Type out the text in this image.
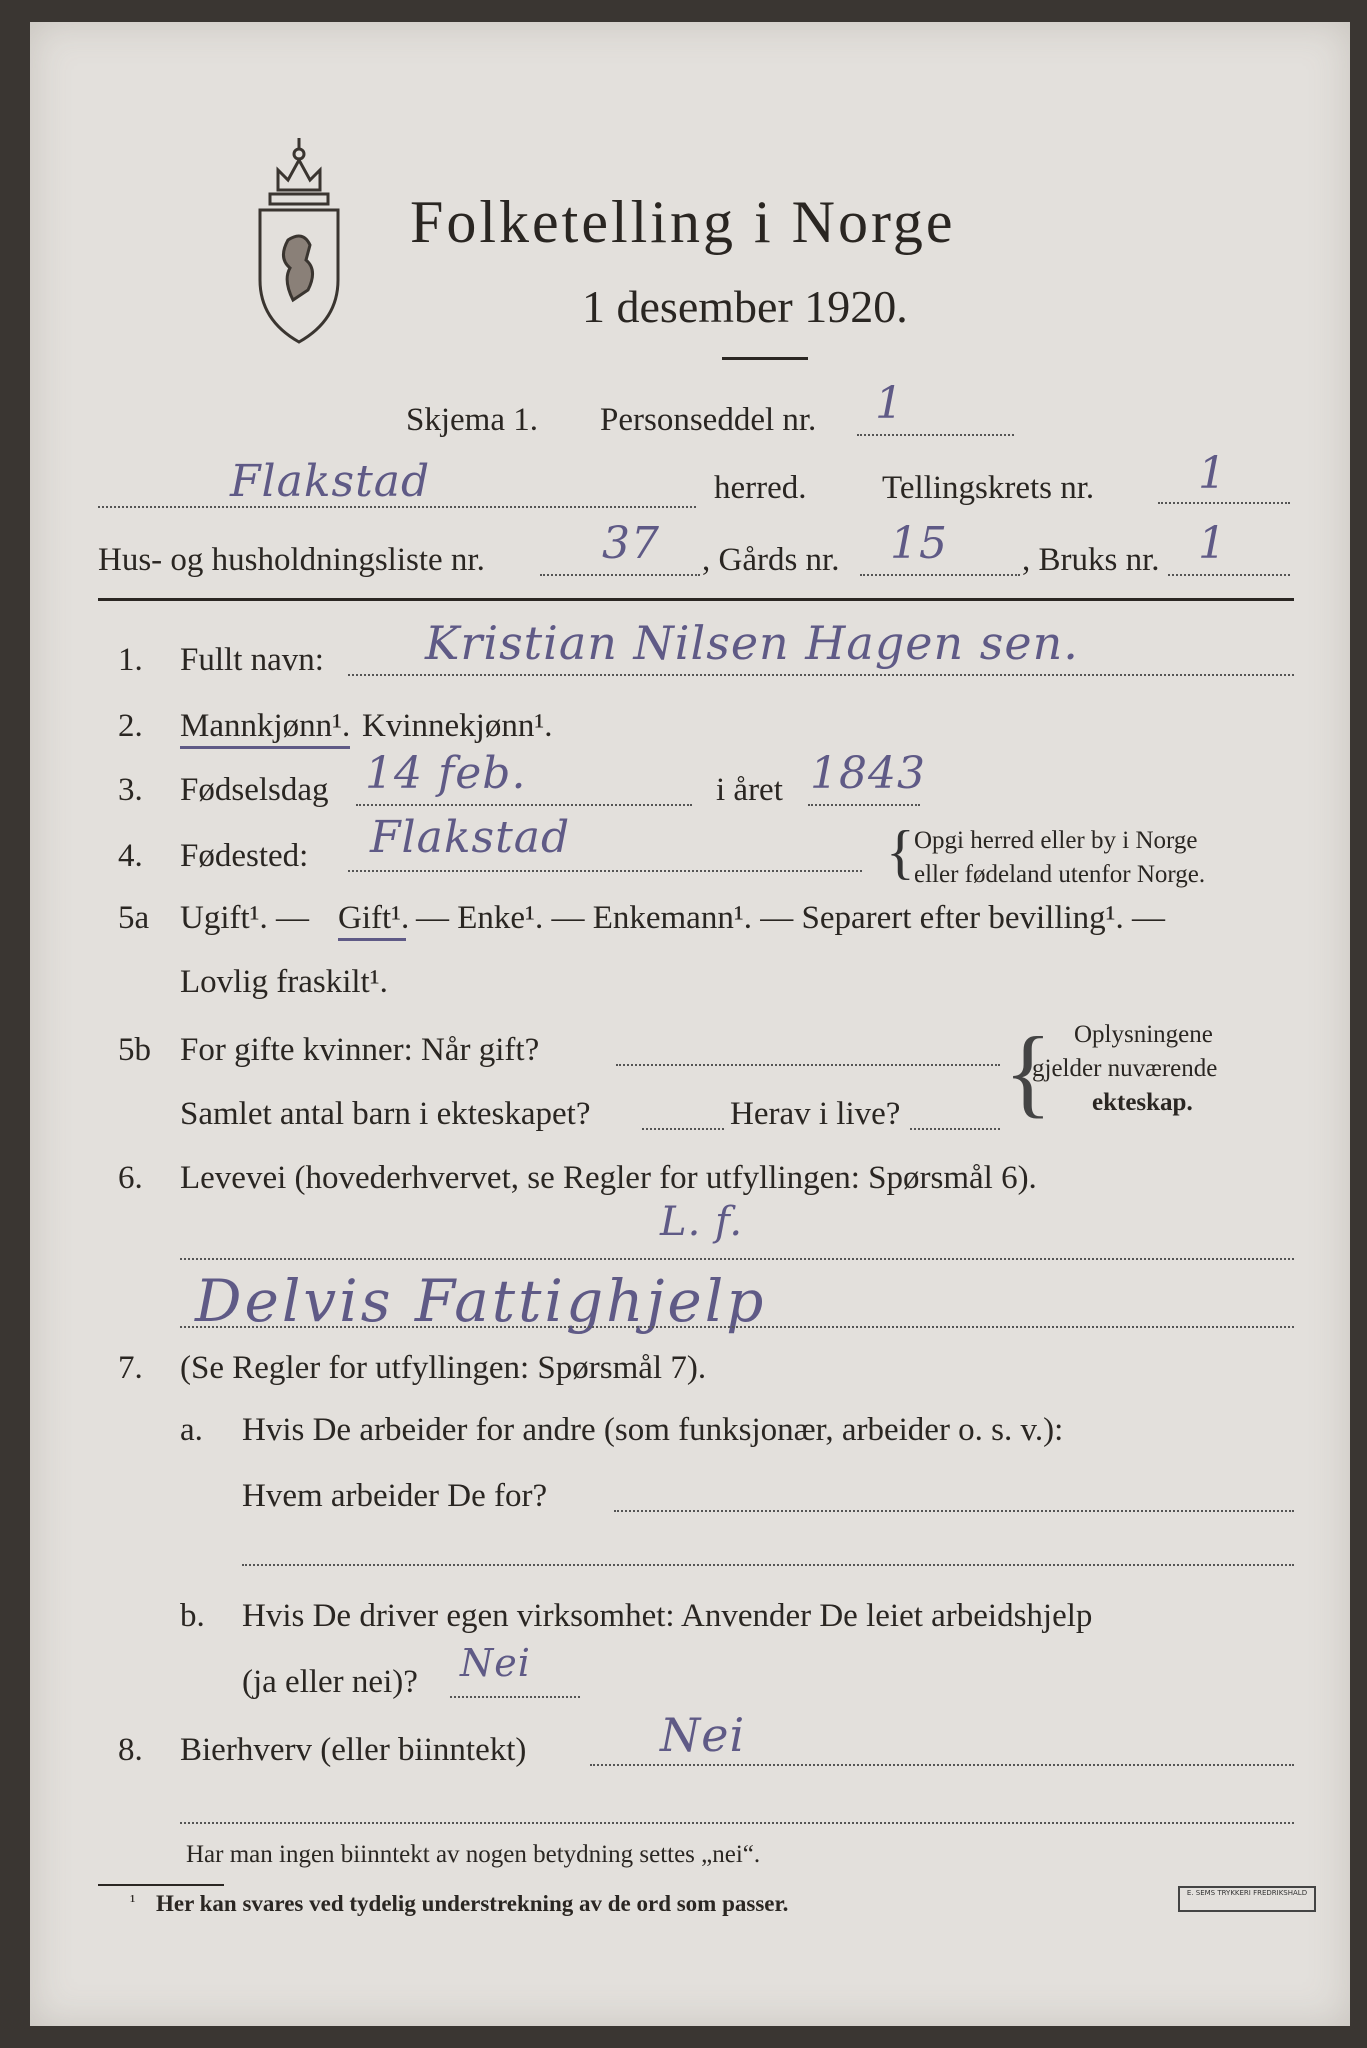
Folketelling i Norge
1 desember 1920.
Skjema 1. Personseddel nr. 1
Flakstad	herred. Tellingskrets nr. 1
Hus- og husholdningsliste nr.	37 , Gårds nr. 15 , Bruks nr. 1
1. Fullt navn: Kristian Nilsen Hagen sen.
2. Mannkjønn¹. Kvinnekjønn¹.
3. Fødselsdag 14 feb.	i året 1843
4. Fødested: Flakstad	{ Opgi herred eller by i Norge
eller fødeland utenfor Norge.
5a Ugift¹. — Gift¹. — Enke¹. — Enkemann¹. — Separert efter bevilling¹. —
Lovlig fraskilt¹.
5b For gifte kvinner: Når gift?
Samlet antal barn i ekteskapet?	Herav i live? { Oplysningene
gjelder nuværende
ekteskap.
6. Levevei (hovederhvervet, se Regler for utfyllingen: Spørsmål 6).
L. f.
Delvis Fattighjelp
7. (Se Regler for utfyllingen: Spørsmål 7).
a. Hvis De arbeider for andre (som funksjonær, arbeider o. s. v.):
Hvem arbeider De for?
b. Hvis De driver egen virksomhet: Anvender De leiet arbeidshjelp
(ja eller nei)? Nei
8. Bierhverv (eller biinntekt)	Nei
Har man ingen biinntekt av nogen betydning settes „nei“.
¹ Her kan svares ved tydelig understrekning av de ord som passer.	E. SEMS TRYKKERI FREDRIKSHALD
